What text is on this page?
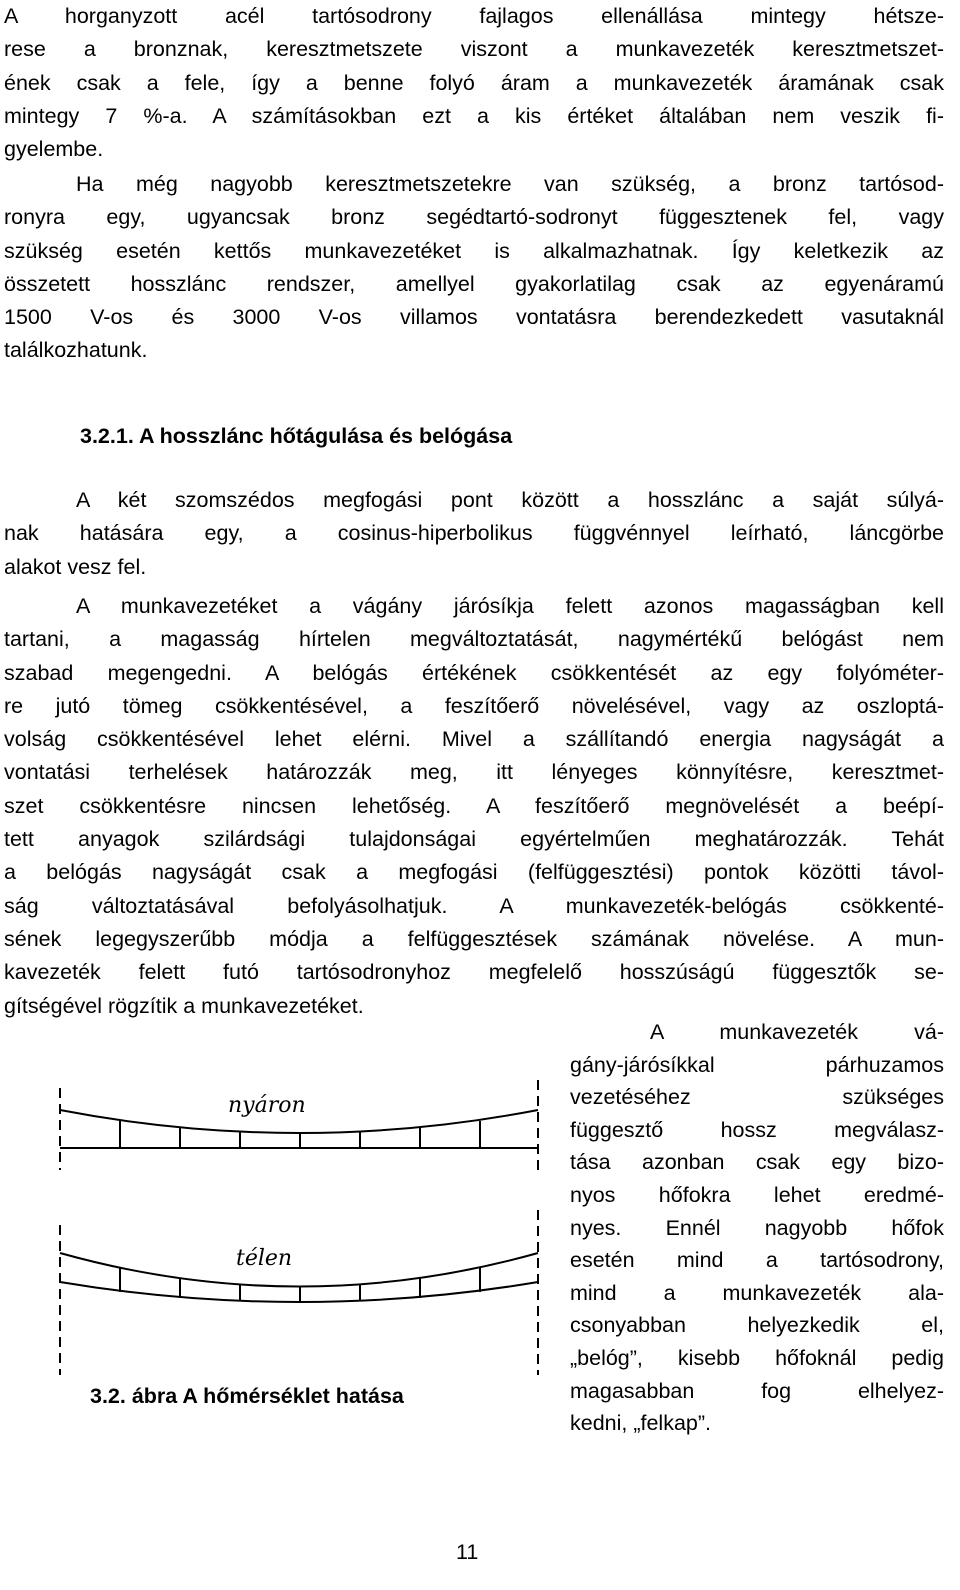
A horganyzott acél tartósodrony fajlagos ellenállása mintegy hétsze-
rese a bronznak, keresztmetszete viszont a munkavezeték keresztmetszet-
ének csak a fele, így a benne folyó áram a munkavezeték áramának csak
mintegy 7 %-a. A számításokban ezt a kis értéket általában nem veszik fi-
gyelembe.
Ha még nagyobb keresztmetszetekre van szükség, a bronz tartósod-
ronyra egy, ugyancsak bronz segédtartó-sodronyt függesztenek fel, vagy
szükség esetén kettős munkavezetéket is alkalmazhatnak. Így keletkezik az
összetett hosszlánc rendszer, amellyel gyakorlatilag csak az egyenáramú
1500 V-os és 3000 V-os villamos vontatásra berendezkedett vasutaknál
találkozhatunk.
3.2.1. A hosszlánc hőtágulása és belógása
A két szomszédos megfogási pont között a hosszlánc a saját súlyá-
nak hatására egy, a cosinus-hiperbolikus függvénnyel leírható, láncgörbe
alakot vesz fel.
A munkavezetéket a vágány járósíkja felett azonos magasságban kell
tartani, a magasság hírtelen megváltoztatását, nagymértékű belógást nem
szabad megengedni. A belógás értékének csökkentését az egy folyóméter-
re jutó tömeg csökkentésével, a feszítőerő növelésével, vagy az oszloptá-
volság csökkentésével lehet elérni. Mivel a szállítandó energia nagyságát a
vontatási terhelések határozzák meg, itt lényeges könnyítésre, keresztmet-
szet csökkentésre nincsen lehetőség. A feszítőerő megnövelését a beépí-
tett anyagok szilárdsági tulajdonságai egyértelműen meghatározzák. Tehát
a belógás nagyságát csak a megfogási (felfüggesztési) pontok közötti távol-
ság változtatásával befolyásolhatjuk. A munkavezeték-belógás csökkenté-
sének legegyszerűbb módja a felfüggesztések számának növelése. A mun-
kavezeték felett futó tartósodronyhoz megfelelő hosszúságú függesztők se-
gítségével rögzítik a munkavezetéket.
nyáron
télen
3.2. ábra A hőmérséklet hatása
A munkavezeték vá-
gány-járósíkkal párhuzamos
vezetéséhez szükséges
függesztő hossz megválasz-
tása azonban csak egy bizo-
nyos hőfokra lehet eredmé-
nyes. Ennél nagyobb hőfok
esetén mind a tartósodrony,
mind a munkavezeték ala-
csonyabban helyezkedik el,
„belóg”, kisebb hőfoknál pedig
magasabban fog elhelyez-
kedni, „felkap”.
11
